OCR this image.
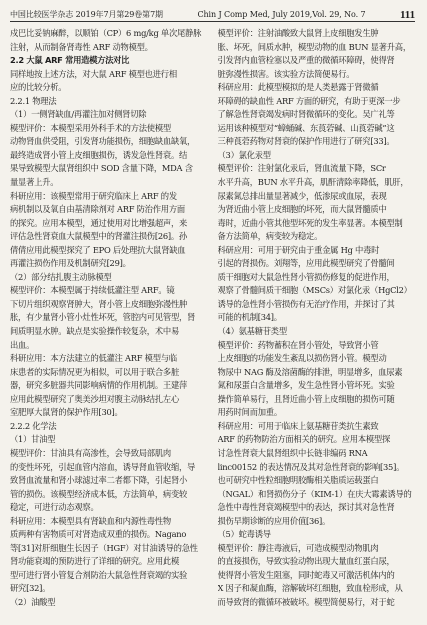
中国比较医学杂志 2019年7月第29卷第7期	Chin J Comp Med, July 2019,Vol. 29, No. 7	111

戍巴比妥钠麻醉，以顺铂（CP）6 mg/kg 单次尾静脉

注射，从而制备肾毒性 ARF 动物模型。

2.2 大鼠 ARF 常用造模方法对比

同样地按上述方法，对大鼠 ARF 模型也进行相

应的比较分析。

2.2.1 物理法

（1）一侧肾缺血/再灌注加对侧肾切除

模型评价：本模型采用外科手术的方法使模型

动物肾血供受阻，引发肾功能损伤，细胞缺血缺氧，

最终造成肾小管上皮细胞损伤，诱发急性肾衰。结

果导致模型大鼠肾组织中 SOD 含量下降，MDA 含

量显著上升。

科研应用：该模型常用于研究临床上 ARF 的发

病机制以及氧自由基清除剂对 ARF 防治作用方面

的探究。应用本模型，通过使用对比增强超声，来

评估急性肾衰血大鼠模型中的肾灌注损伤[26]。孙

倩倩应用此模型探究了 EPO 后处理抗大鼠肾缺血

再灌注损伤作用及机制研究[29]。

（2）部分结扎腹主动脉模型

模型评价：本模型属于持续低灌注型 ARF。镜

下切片组织观察肾肿大，肾小管上皮细胞弥漫性肿

胀，有少量肾小管小灶性坏死，管腔内可见管型，肾

间质明显水肿。缺点是实验操作较复杂，术中易

出血。

科研应用：本方法建立的低灌注 ARF 模型与临

床患者的实际情况更为相似，可以用于联合多脏

器，研究多脏器共同影响病情的作用机制。王建萍

应用此模型研究了奥美沙坦对腹主动脉结扎左心

室肥厚大鼠肾的保护作用[30]。

2.2.2 化学法

（1）甘油型

模型评价：甘油具有高渗性，会导致局部肌肉

的变性坏死，引起血管内溶血，诱导肾血管收缩，导

致肾血流量和肾小球滤过率二者都下降，引起肾小

管的损伤。该模型经济成本低，方法简单，病变较

稳定，可进行动态观察。

科研应用：本模型具有肾缺血和内源性毒性物

质两种有害物质可对肾造成双重的损伤。Nagano

等[31]对肝细胞生长因子（HGF）对甘油诱导的急性

肾功能衰竭的预防进行了详细的研究。应用此模

型可进行肾小管复合剂防治大鼠急性肾衰竭的实验

研究[32]。

（2）油酸型

模型评价：注射油酸致大鼠肾上皮细胞发生肿

胀、坏死，间质水肿，模型动物的血 BUN 显著升高，

引发肾内血管栓塞以及严重的微循环障碍，使得肾

脏弥漫性损害。该实验方法简便易行。

科研应用：此模型模拟的是人类悬露于肾微循

环障碍的缺血性 ARF 方面的研究，有助于更深一步

了解急性肾衰竭发病时肾微循环的变化。吴广礼等

运用该种模型对“蟑蛹碱、东莨菪碱、山莨菪碱”这

三种莨菪药物对肾衰的保护作用进行了研究[33]。

（3）氯化汞型

模型评价：注射氯化汞后，肾血流量下降，SCr

水平升高，BUN 水平升高，肌酐清除率降低，肌肝，

尿素氮总排出量显著减少，低渗尿或血尿，表现

为肾近曲小管上皮细胞的坏死，而大鼠肾髓质中

毒时，近曲小管其他型坏死的发生率显著。本模型制

备方法简单，病变较为稳定。

科研应用：可用于研究由于重金属 Hg 中毒时

引起的肾损伤。刘翔等，应用此模型研究了骨髓间

质干细胞对大鼠急性肾小管损伤修复的促进作用，

观察了骨髓间质干细胞（MSCs）对氯化汞（HgCl2）

诱导的急性肾小管损伤有无治疗作用，并探讨了其

可能的机制[34]。

（4）氨基糖苷类型

模型评价：药物蓄积在肾小管处，导致肾小管

上皮细胞的功能发生紊乱以损伤肾小管。模型动

物尿中 NAG 酶及溶菌酶的排泄，明显增多，血尿素

氮和尿蛋白含量增多，发生急性肾小管坏死。实验

操作简单易行，且肾近曲小管上皮细胞的损伤可随

用药时间而加重。

科研应用：可用于临床上氨基糖苷类抗生素致

ARF 的药物防治方面相关的研究。应用本模型探

讨急性肾衰大鼠肾组织中长链非编码 RNA

linc00152 的表达情况及其对急性肾衰的影响[35]。

也可研究中性粒细胞明胶酶相关脂质运载蛋白

（NGAL）和肾损伤分子（KIM-1）在庆大霉素诱导的

急性中毒性肾衰竭模型中的表达，探讨其对急性肾

损伤早期诊断的应用价值[36]。

（5）蛇毒诱导

模型评价：静注毒液后，可造成模型动物肌肉

的直接损伤，导致实验动物出现大量血红蛋白尿，

使得肾小管发生阻塞，同时蛇毒又可激活机体内的

X 因子和凝血酶，溶解破坏红细胞，致血栓形成，从

而导致肾的微循环被破坏。模型简便易行，对于蛇
